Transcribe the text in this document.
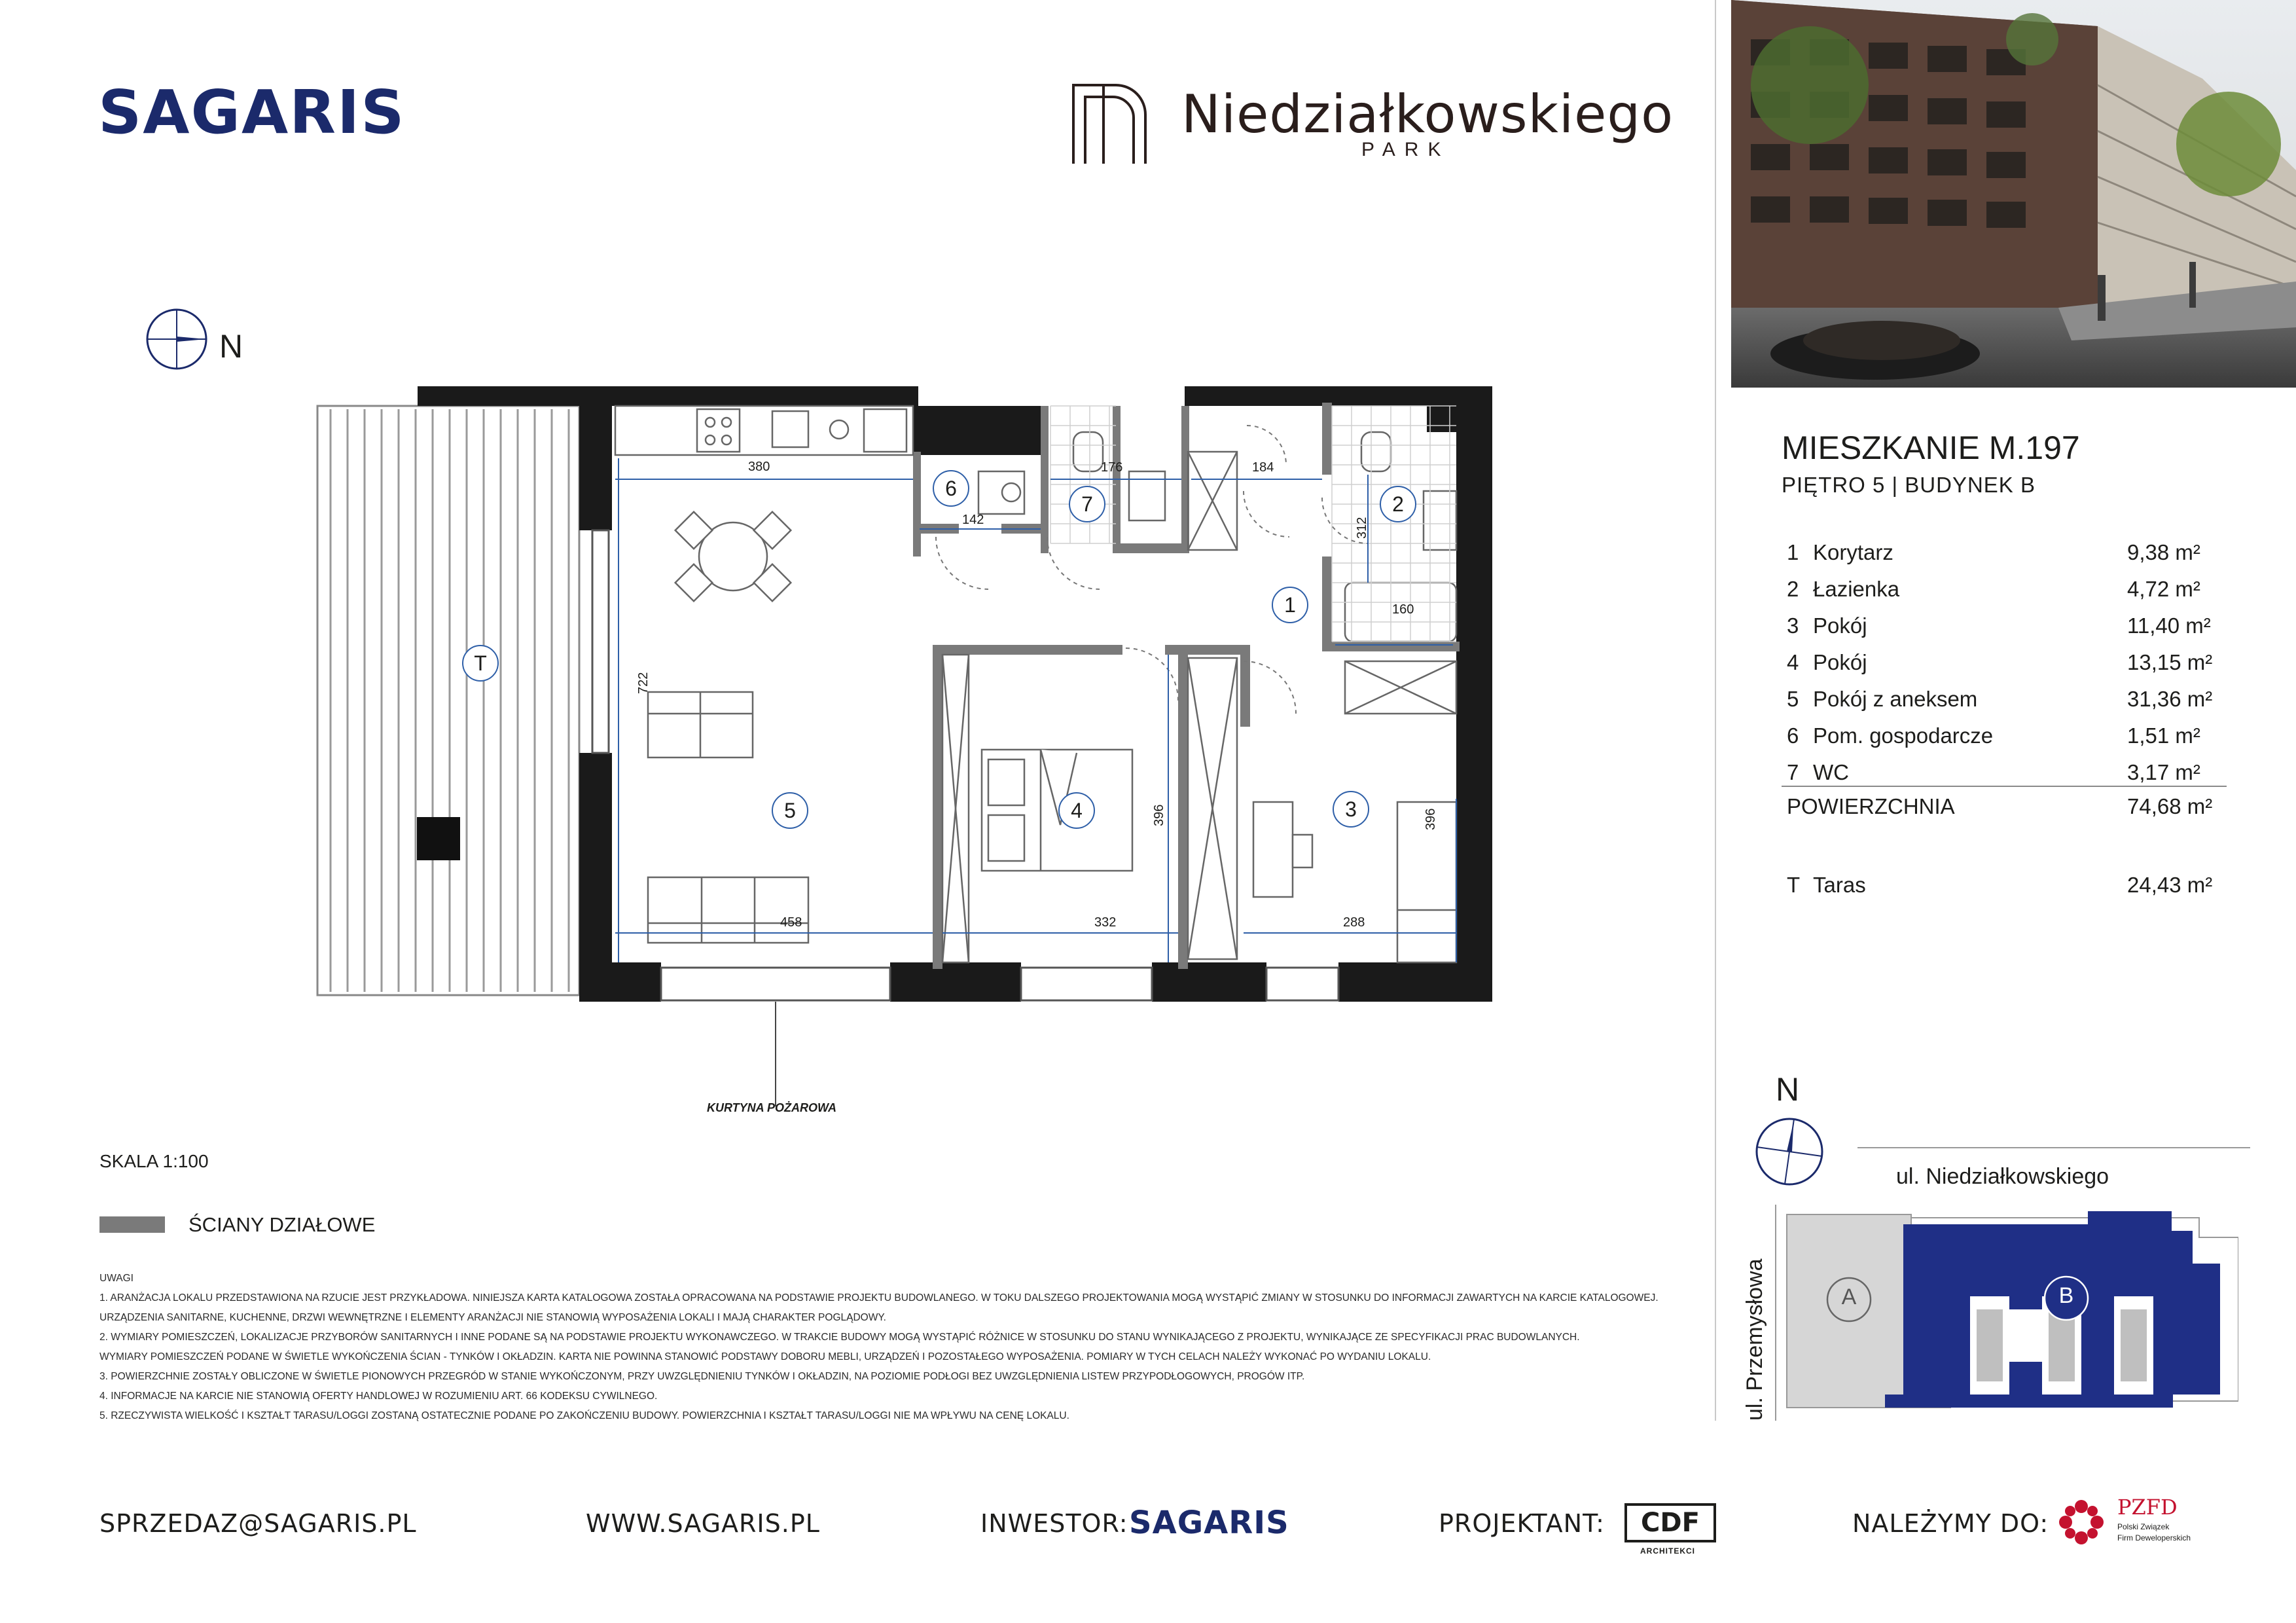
SAGARIS	Niedziałkowskiego
PARK
MIESZKANIE M.197
PIĘTRO 5 | BUDYNEK B
1 Korytarz	9,38 m²
2 Łazienka	4,72 m²
3 Pokój	11,40 m²
4 Pokój	13,15 m²
5 Pokój z aneksem	31,36 m²
6 Pom. gospodarcze	1,51 m²
7 WC	3,17 m²
POWIERZCHNIA	74,68 m²
T Taras	24,43 m²
N
1
2
3
4
5
6
7
T
380	176	184
142	312
160
722
396	396
458	332	288
KURTYNA POŻAROWA
SKALA 1:100
ŚCIANY DZIAŁOWE
UWAGI
1. ARANŻACJA LOKALU PRZEDSTAWIONA NA RZUCIE JEST PRZYKŁADOWA. NINIEJSZA KARTA KATALOGOWA ZOSTAŁA OPRACOWANA NA PODSTAWIE PROJEKTU BUDOWLANEGO. W TOKU DALSZEGO PROJEKTOWANIA MOGĄ WYSTĄPIĆ ZMIANY W STOSUNKU DO INFORMACJI ZAWARTYCH NA KARCIE KATALOGOWEJ.
URZĄDZENIA SANITARNE, KUCHENNE, DRZWI WEWNĘTRZNE I ELEMENTY ARANŻACJI NIE STANOWIĄ WYPOSAŻENIA LOKALI I MAJĄ CHARAKTER POGLĄDOWY.
2. WYMIARY POMIESZCZEŃ, LOKALIZACJE PRZYBORÓW SANITARNYCH I INNE PODANE SĄ NA PODSTAWIE PROJEKTU WYKONAWCZEGO. W TRAKCIE BUDOWY MOGĄ WYSTĄPIĆ RÓŻNICE W STOSUNKU DO STANU WYNIKAJĄCEGO Z PROJEKTU, WYNIKAJĄCE ZE SPECYFIKACJI PRAC BUDOWLANYCH.
WYMIARY POMIESZCZEŃ PODANE W ŚWIETLE WYKOŃCZENIA ŚCIAN - TYNKÓW I OKŁADZIN. KARTA NIE POWINNA STANOWIĆ PODSTAWY DOBORU MEBLI, URZĄDZEŃ I POZOSTAŁEGO WYPOSAŻENIA. POMIARY W TYCH CELACH NALEŻY WYKONAĆ PO WYDANIU LOKALU.
3. POWIERZCHNIE ZOSTAŁY OBLICZONE W ŚWIETLE PIONOWYCH PRZEGRÓD W STANIE WYKOŃCZONYM, PRZY UWZGLĘDNIENIU TYNKÓW I OKŁADZIN, NA POZIOMIE PODŁOGI BEZ UWZGLĘDNIENIA LISTEW PRZYPODŁOGOWYCH, PROGÓW ITP.
4. INFORMACJE NA KARCIE NIE STANOWIĄ OFERTY HANDLOWEJ W ROZUMIENIU ART. 66 KODEKSU CYWILNEGO.
5. RZECZYWISTA WIELKOŚĆ I KSZTAŁT TARASU/LOGGI ZOSTANĄ OSTATECZNIE PODANE PO ZAKOŃCZENIU BUDOWY. POWIERZCHNIA I KSZTAŁT TARASU/LOGGI NIE MA WPŁYWU NA CENĘ LOKALU.
N
ul. Niedziałkowskiego
ul. Przemysłowa	A	B
SPRZEDAZ@SAGARIS.PL	WWW.SAGARIS.PL	INWESTOR: SAGARIS	PROJEKTANT:	CDF
ARCHITEKCI
NALEŻYMY DO:
PZFD
Polski Związek
Firm Deweloperskich
